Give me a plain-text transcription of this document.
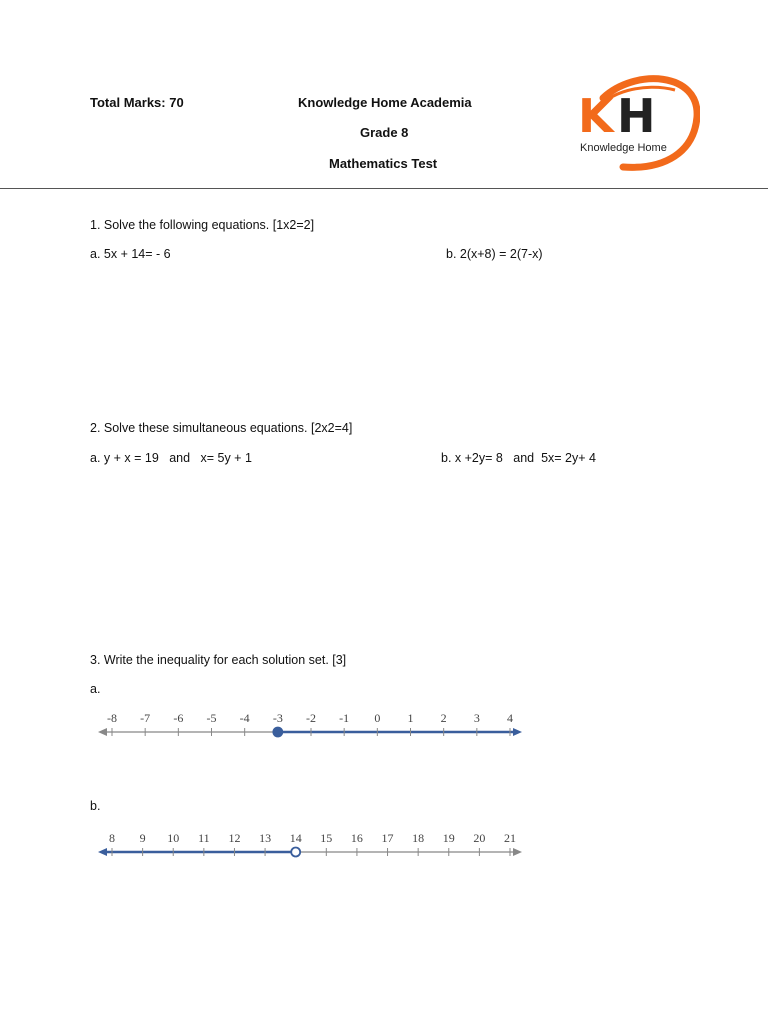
Total Marks: 70	Knowledge Home Academia
Grade 8
Mathematics Test
K H
Knowledge Home
1. Solve the following equations. [1x2=2]
a. 5x + 14= - 6	b. 2(x+8) = 2(7-x)
2. Solve these simultaneous equations. [2x2=4]
a. y + x = 19   and   x= 5y + 1	b. x +2y= 8   and  5x= 2y+ 4
3. Write the inequality for each solution set. [3]
a.
b.
-8 -7 -6 -5 -4 -3 -2 -1 0 1 2 3 4
8 9 10 11 12 13 14 15 16 17 18 19 20 21
